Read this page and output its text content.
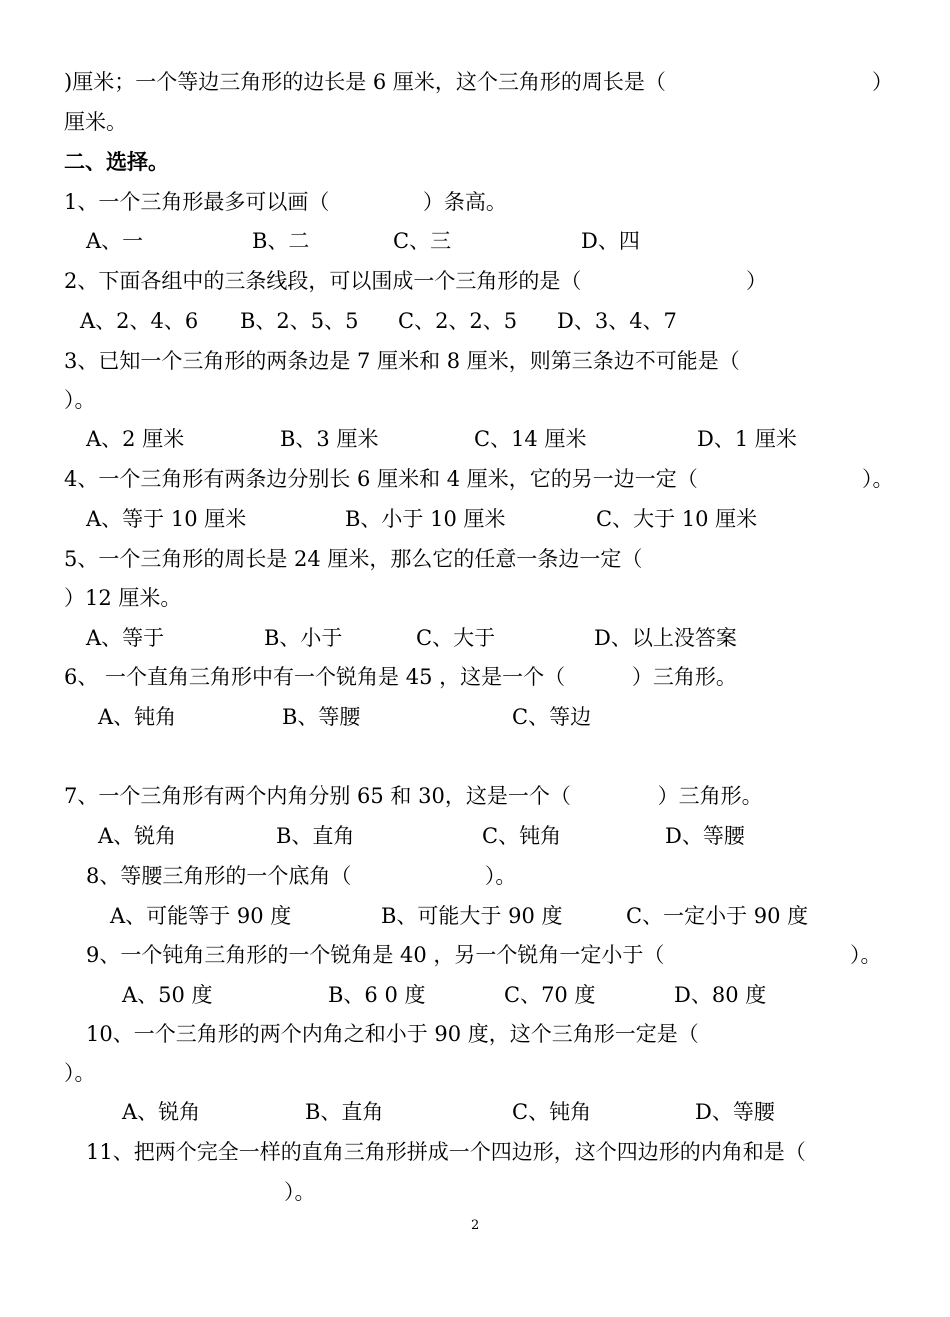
)厘米；一个等边三角形的边长是 6 厘米，这个三角形的周长是（	）
厘米。
二、选择。
1、一个三角形最多可以画（              ）条高。
A、一	B、二	C、三	D、四
2、下面各组中的三条线段，可以围成一个三角形的是（	）
A、2、4、6 B、2、5、5 C、2、2、5 D、3、4、7
3、已知一个三角形的两条边是 7 厘米和 8 厘米，则第三条边不可能是（
）。
A、2 厘米	B、3 厘米	C、14 厘米	D、1 厘米
4、一个三角形有两条边分别长 6 厘米和 4 厘米，它的另一边一定（	）。
A、等于 10 厘米	B、小于 10 厘米	C、大于 10 厘米
5、一个三角形的周长是 24 厘米，那么它的任意一条边一定（
）12 厘米。
A、等于	B、小于	C、大于	D、以上没答案
6、 一个直角三角形中有一个锐角是 45 ，这是一个（          ）三角形。
A、钝角	B、等腰	C、等边
7、一个三角形有两个内角分别 65 和 30，这是一个（             ）三角形。
A、锐角	B、直角	C、钝角	D、等腰
8、等腰三角形的一个底角（                    ）。
A、可能等于 90 度	B、可能大于 90 度	C、一定小于 90 度
9、一个钝角三角形的一个锐角是 40 ，另一个锐角一定小于（	）。
A、50 度	B、6 0 度	C、70 度	D、80 度
10、一个三角形的两个内角之和小于 90 度，这个三角形一定是（
）。
A、锐角	B、直角	C、钝角	D、等腰
11、把两个完全一样的直角三角形拼成一个四边形，这个四边形的内角和是（
）。
2
